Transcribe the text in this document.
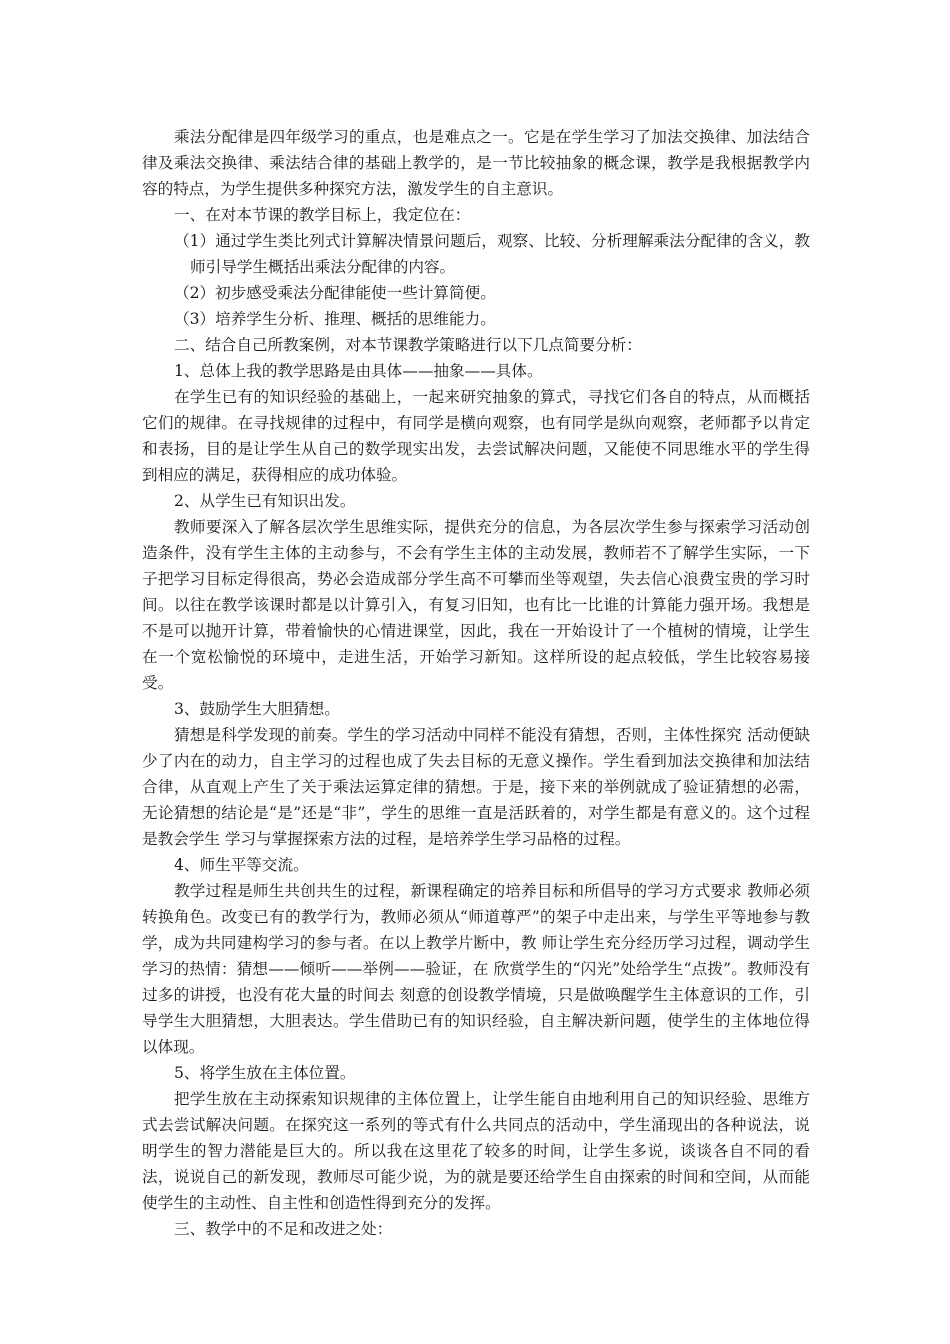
乘法分配律是四年级学习的重点，也是难点之一。它是在学生学习了加法交换律、加法结合律及乘法交换律、乘法结合律的基础上教学的，是一节比较抽象的概念课，教学是我根据教学内容的特点，为学生提供多种探究方法，激发学生的自主意识。

一、在对本节课的教学目标上，我定位在：

（1）通过学生类比列式计算解决情景问题后，观察、比较、分析理解乘法分配律的含义，教师引导学生概括出乘法分配律的内容。

（2）初步感受乘法分配律能使一些计算简便。

（3）培养学生分析、推理、概括的思维能力。

二、结合自己所教案例，对本节课教学策略进行以下几点简要分析：

1、总体上我的教学思路是由具体——抽象——具体。

在学生已有的知识经验的基础上，一起来研究抽象的算式，寻找它们各自的特点，从而概括它们的规律。在寻找规律的过程中，有同学是横向观察，也有同学是纵向观察，老师都予以肯定和表扬，目的是让学生从自己的数学现实出发，去尝试解决问题，又能使不同思维水平的学生得到相应的满足，获得相应的成功体验。

2、从学生已有知识出发。

教师要深入了解各层次学生思维实际，提供充分的信息，为各层次学生参与探索学习活动创造条件，没有学生主体的主动参与，不会有学生主体的主动发展，教师若不了解学生实际，一下子把学习目标定得很高，势必会造成部分学生高不可攀而坐等观望，失去信心浪费宝贵的学习时间。以往在教学该课时都是以计算引入，有复习旧知，也有比一比谁的计算能力强开场。我想是不是可以抛开计算，带着愉快的心情进课堂，因此，我在一开始设计了一个植树的情境，让学生在一个宽松愉悦的环境中，走进生活，开始学习新知。这样所设的起点较低，学生比较容易接受。

3、鼓励学生大胆猜想。

猜想是科学发现的前奏。学生的学习活动中同样不能没有猜想，否则，主体性探究 活动便缺少了内在的动力，自主学习的过程也成了失去目标的无意义操作。学生看到加法交换律和加法结合律，从直观上产生了关于乘法运算定律的猜想。于是，接下来的举例就成了验证猜想的必需，无论猜想的结论是“是”还是“非”，学生的思维一直是活跃着的，对学生都是有意义的。这个过程是教会学生 学习与掌握探索方法的过程，是培养学生学习品格的过程。

4、师生平等交流。

教学过程是师生共创共生的过程，新课程确定的培养目标和所倡导的学习方式要求 教师必须转换角色。改变已有的教学行为，教师必须从“师道尊严”的架子中走出来，与学生平等地参与教学，成为共同建构学习的参与者。在以上教学片断中，教 师让学生充分经历学习过程，调动学生学习的热情：猜想——倾听——举例——验证，在 欣赏学生的“闪光”处给学生“点拨”。教师没有过多的讲授，也没有花大量的时间去 刻意的创设教学情境，只是做唤醒学生主体意识的工作，引导学生大胆猜想，大胆表达。学生借助已有的知识经验，自主解决新问题，使学生的主体地位得以体现。

5、将学生放在主体位置。

把学生放在主动探索知识规律的主体位置上，让学生能自由地利用自己的知识经验、思维方式去尝试解决问题。在探究这一系列的等式有什么共同点的活动中，学生涌现出的各种说法，说明学生的智力潜能是巨大的。所以我在这里花了较多的时间，让学生多说，谈谈各自不同的看法，说说自己的新发现，教师尽可能少说，为的就是要还给学生自由探索的时间和空间，从而能使学生的主动性、自主性和创造性得到充分的发挥。

三、教学中的不足和改进之处：
